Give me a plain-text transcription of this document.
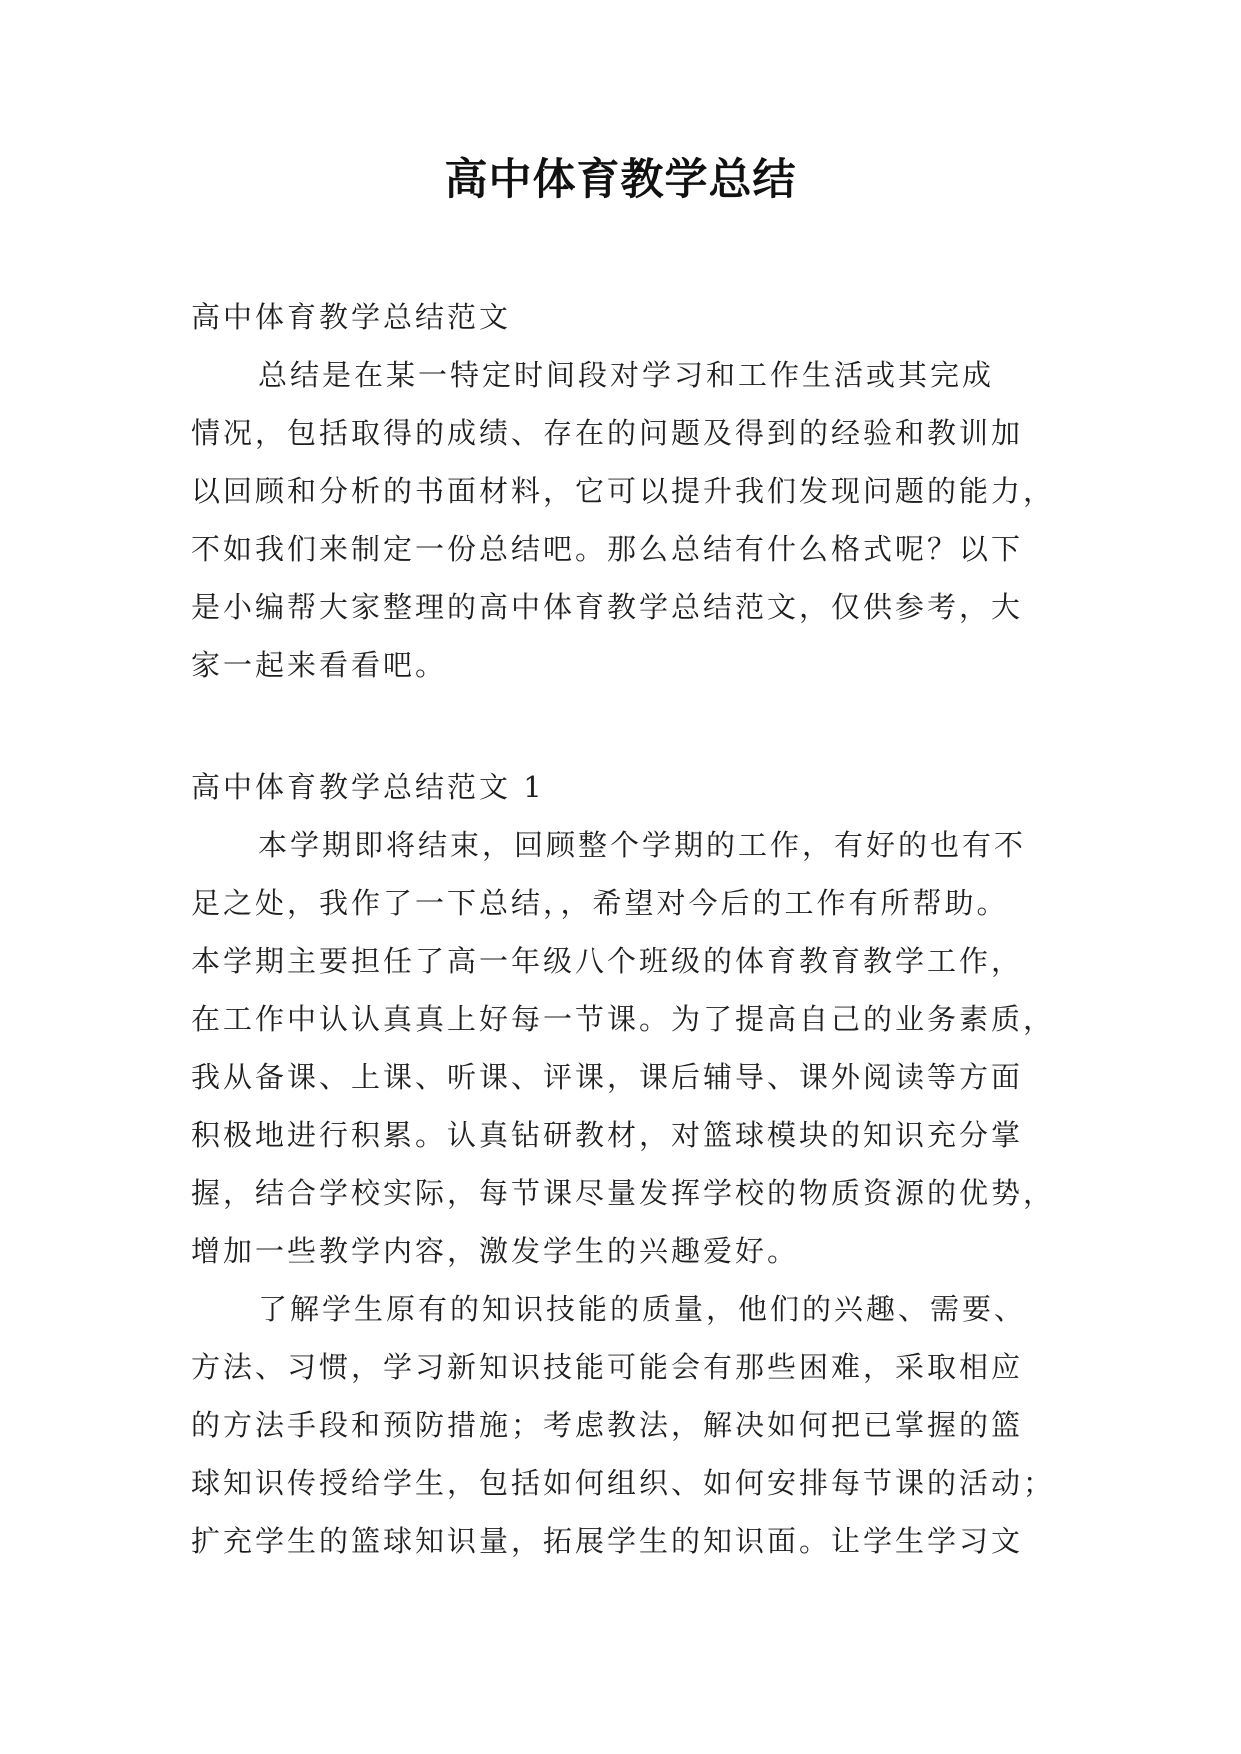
高中体育教学总结
高中体育教学总结范文
总结是在某一特定时间段对学习和工作生活或其完成
情况，包括取得的成绩、存在的问题及得到的经验和教训加
以回顾和分析的书面材料，它可以提升我们发现问题的能力，
不如我们来制定一份总结吧。那么总结有什么格式呢？以下
是小编帮大家整理的高中体育教学总结范文，仅供参考，大
家一起来看看吧。
高中体育教学总结范文 1
本学期即将结束，回顾整个学期的工作，有好的也有不
足之处，我作了一下总结，，希望对今后的工作有所帮助。
本学期主要担任了高一年级八个班级的体育教育教学工作，
在工作中认认真真上好每一节课。为了提高自己的业务素质，
我从备课、上课、听课、评课，课后辅导、课外阅读等方面
积极地进行积累。认真钻研教材，对篮球模块的知识充分掌
握，结合学校实际，每节课尽量发挥学校的物质资源的优势，
增加一些教学内容，激发学生的兴趣爱好。
了解学生原有的知识技能的质量，他们的兴趣、需要、
方法、习惯，学习新知识技能可能会有那些困难，采取相应
的方法手段和预防措施；考虑教法，解决如何把已掌握的篮
球知识传授给学生，包括如何组织、如何安排每节课的活动；
扩充学生的篮球知识量，拓展学生的知识面。让学生学习文
